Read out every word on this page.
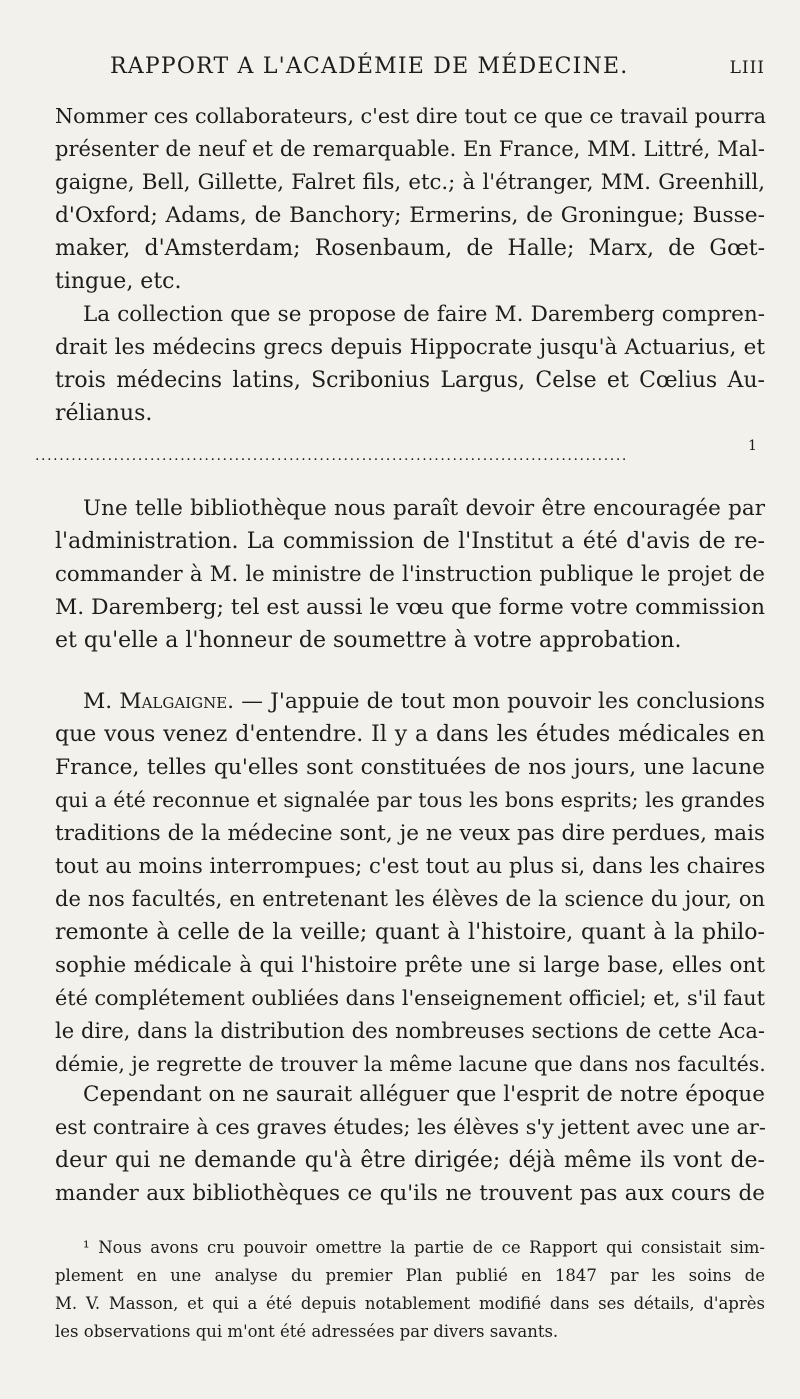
RAPPORT A L'ACADÉMIE DE MÉDECINE.	LIII
Nommer ces collaborateurs, c'est dire tout ce que ce travail pourra
présenter de neuf et de remarquable. En France, MM. Littré, Mal-
gaigne, Bell, Gillette, Falret fils, etc.; à l'étranger, MM. Greenhill,
d'Oxford; Adams, de Banchory; Ermerins, de Groningue; Busse-
maker, d'Amsterdam; Rosenbaum, de Halle; Marx, de Gœt-
tingue, etc.
La collection que se propose de faire M. Daremberg compren-
drait les médecins grecs depuis Hippocrate jusqu'à Actuarius, et
trois médecins latins, Scribonius Largus, Celse et Cœlius Au-
rélianus.
1
..................................................................................................
Une telle bibliothèque nous paraît devoir être encouragée par
l'administration. La commission de l'Institut a été d'avis de re-
commander à M. le ministre de l'instruction publique le projet de
M. Daremberg; tel est aussi le vœu que forme votre commission
et qu'elle a l'honneur de soumettre à votre approbation.
M. Malgaigne. — J'appuie de tout mon pouvoir les conclusions
que vous venez d'entendre. Il y a dans les études médicales en
France, telles qu'elles sont constituées de nos jours, une lacune
qui a été reconnue et signalée par tous les bons esprits; les grandes
traditions de la médecine sont, je ne veux pas dire perdues, mais
tout au moins interrompues; c'est tout au plus si, dans les chaires
de nos facultés, en entretenant les élèves de la science du jour, on
remonte à celle de la veille; quant à l'histoire, quant à la philo-
sophie médicale à qui l'histoire prête une si large base, elles ont
été complétement oubliées dans l'enseignement officiel; et, s'il faut
le dire, dans la distribution des nombreuses sections de cette Aca-
démie, je regrette de trouver la même lacune que dans nos facultés.
Cependant on ne saurait alléguer que l'esprit de notre époque
est contraire à ces graves études; les élèves s'y jettent avec une ar-
deur qui ne demande qu'à être dirigée; déjà même ils vont de-
mander aux bibliothèques ce qu'ils ne trouvent pas aux cours de
¹ Nous avons cru pouvoir omettre la partie de ce Rapport qui consistait sim-
plement en une analyse du premier Plan publié en 1847 par les soins de
M. V. Masson, et qui a été depuis notablement modifié dans ses détails, d'après
les observations qui m'ont été adressées par divers savants.
